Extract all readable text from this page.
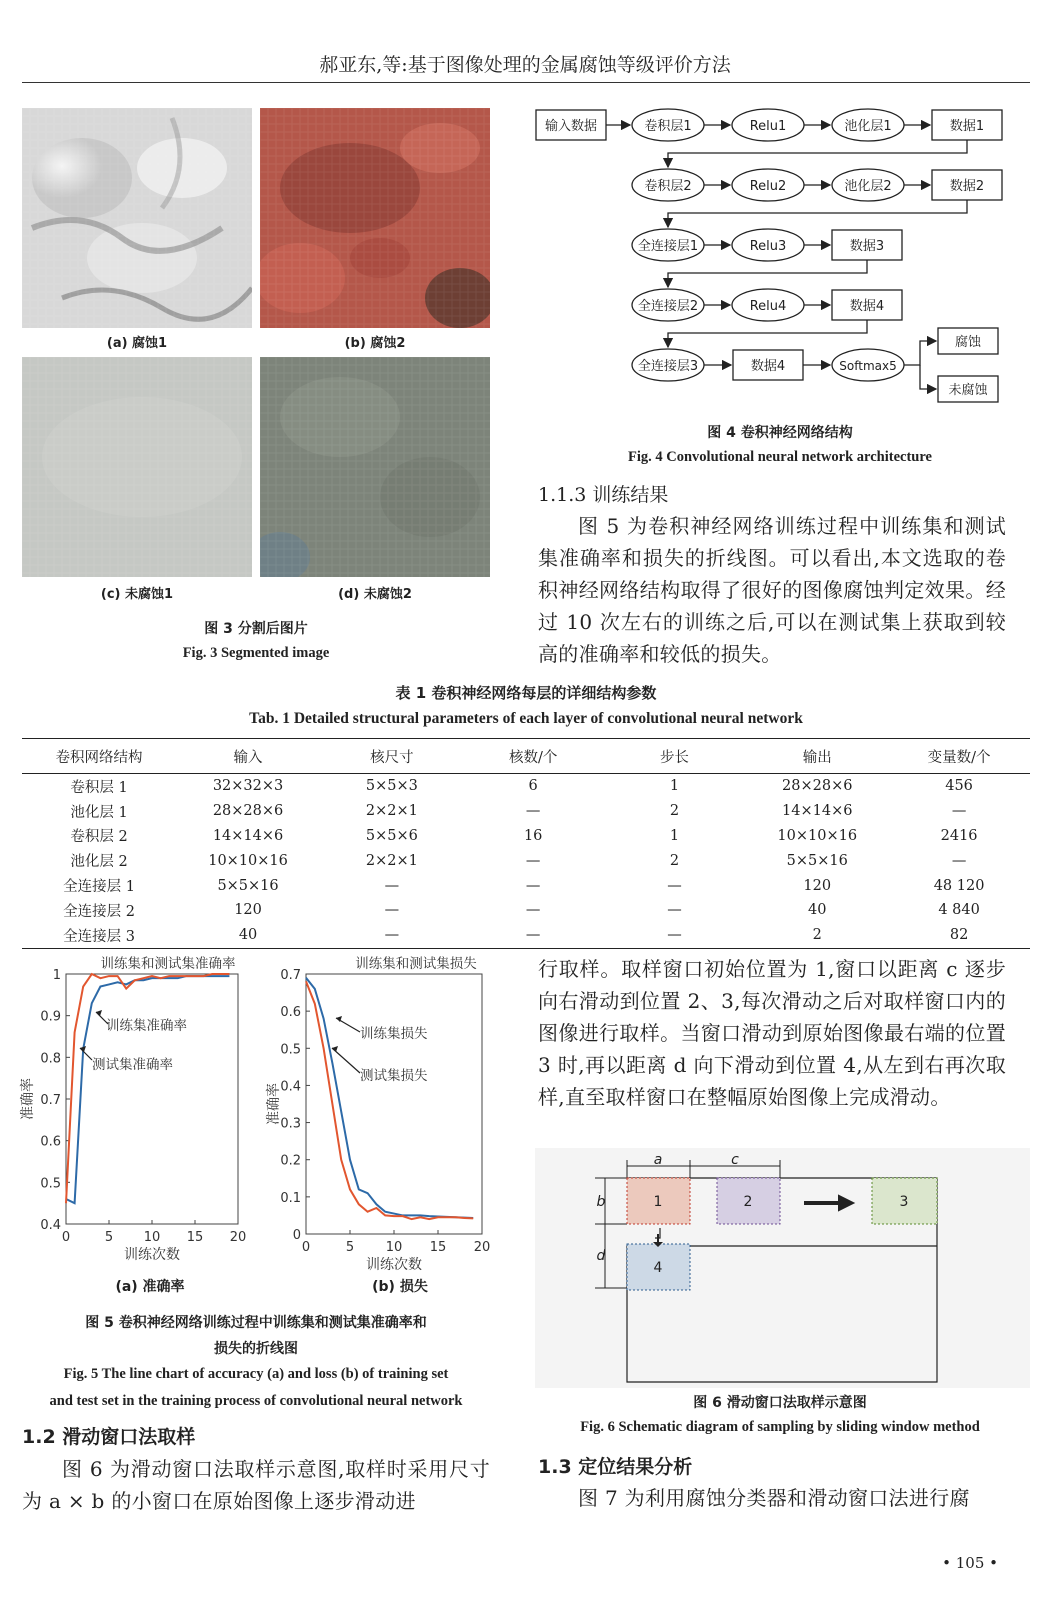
郝亚东,等:基于图像处理的金属腐蚀等级评价方法
(a) 腐蚀1	(b) 腐蚀2
(c) 未腐蚀1	(d) 未腐蚀2
图 3 分割后图片
Fig. 3 Segmented image
输入数据	卷积层1	Relu1	池化层1	数据1
卷积层2	Relu2	池化层2	数据2
全连接层1	Relu3	数据3
全连接层2	Relu4	数据4
全连接层3	数据4	Softmax5
腐蚀
未腐蚀
图 4 卷积神经网络结构
Fig. 4 Convolutional neural network architecture
1.1.3 训练结果
图 5 为卷积神经网络训练过程中训练集和测试集准确率和损失的折线图。可以看出,本文选取的卷积神经网络结构取得了很好的图像腐蚀判定效果。经过 10 次左右的训练之后,可以在测试集上获取到较高的准确率和较低的损失。
表 1 卷积神经网络每层的详细结构参数
Tab. 1 Detailed structural parameters of each layer of convolutional neural network
卷积网络结构	输入	核尺寸	核数/个	步长	输出	变量数/个
卷积层 1	32×32×3	5×5×3	6	1	28×28×6	456
池化层 1	28×28×6	2×2×1	—	2	14×14×6	—
卷积层 2	14×14×6	5×5×6	16	1	10×10×16	2416
池化层 2	10×10×16	2×2×1	—	2	5×5×16	—
全连接层 1	5×5×16	—	—	—	120	48 120
全连接层 2	120	—	—	—	40	4 840
全连接层 3	40	—	—	—	2	82
0.4
0.5
0.6
0.7
0.8
0.9
1
0	5 10 15 20
训练集和测试集准确率
训练次数
准确率
训练集准确率
测试集准确率
0
0.1
0.2
0.3
0.4
0.5
0.6
0.7
0	5 10 15 20
训练集和测试集损失
训练次数
准确率
训练集损失
测试集损失
(a) 准确率	(b) 损失
图 5 卷积神经网络训练过程中训练集和测试集准确率和
损失的折线图
Fig. 5 The line chart of accuracy (a) and loss (b) of training set
and test set in the training process of convolutional neural network
1.2 滑动窗口法取样
图 6 为滑动窗口法取样示意图,取样时采用尺寸为 a × b 的小窗口在原始图像上逐步滑动进
行取样。取样窗口初始位置为 1,窗口以距离 c 逐步向右滑动到位置 2、3,每次滑动之后对取样窗口内的图像进行取样。当窗口滑动到原始图像最右端的位置 3 时,再以距离 d 向下滑动到位置 4,从左到右再次取样,直至取样窗口在整幅原始图像上完成滑动。
a	c
b
d
1	2	3
4
图 6 滑动窗口法取样示意图
Fig. 6 Schematic diagram of sampling by sliding window method
1.3 定位结果分析
图 7 为利用腐蚀分类器和滑动窗口法进行腐
• 105 •
